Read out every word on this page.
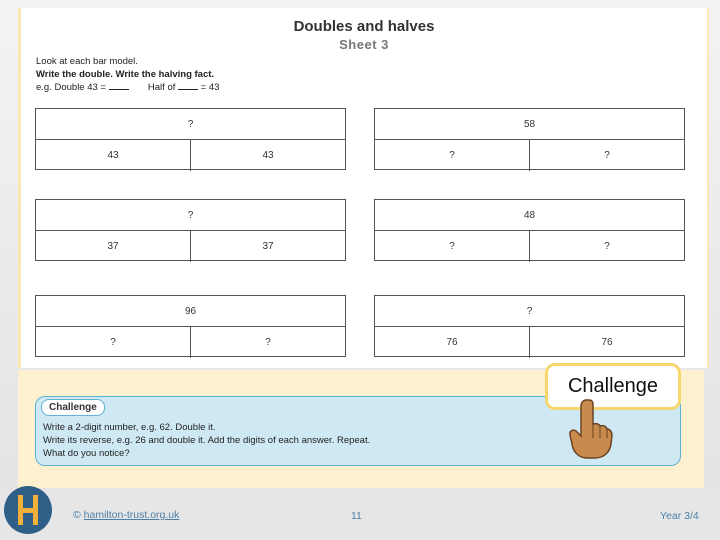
Doubles and halves
Sheet 3
Look at each bar model.
Write the double. Write the halving fact.
e.g. Double 43 =	Half of  = 43
?
43	43
58
?	?
?
37	37
48
?	?
96
?	?
?
76	76
Challenge
Write a 2-digit number, e.g. 62. Double it.
Write its reverse, e.g. 26 and double it. Add the digits of each answer. Repeat.
What do you notice?
Challenge
© hamilton-trust.org.uk	11	Year 3/4
